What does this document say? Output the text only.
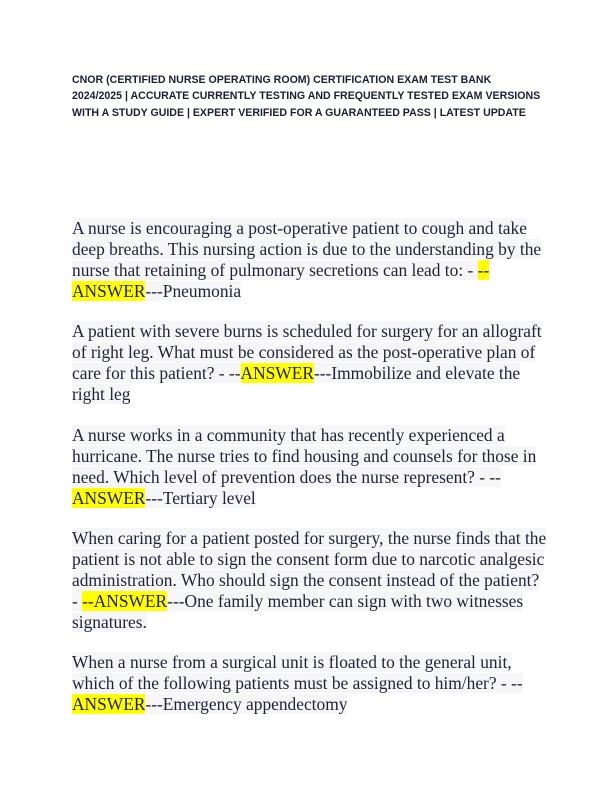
CNOR (CERTIFIED NURSE OPERATING ROOM) CERTIFICATION EXAM TEST BANK 2024/2025 | ACCURATE CURRENTLY TESTING AND FREQUENTLY TESTED EXAM VERSIONS WITH A STUDY GUIDE | EXPERT VERIFIED FOR A GUARANTEED PASS | LATEST UPDATE
A nurse is encouraging a post-operative patient to cough and take deep breaths. This nursing action is due to the understanding by the nurse that retaining of pulmonary secretions can lead to: - --ANSWER---Pneumonia
A patient with severe burns is scheduled for surgery for an allograft of right leg. What must be considered as the post-operative plan of care for this patient? - --ANSWER---Immobilize and elevate the right leg
A nurse works in a community that has recently experienced a hurricane. The nurse tries to find housing and counsels for those in need. Which level of prevention does the nurse represent? - --ANSWER---Tertiary level
When caring for a patient posted for surgery, the nurse finds that the patient is not able to sign the consent form due to narcotic analgesic administration. Who should sign the consent instead of the patient? - --ANSWER---One family member can sign with two witnesses signatures.
When a nurse from a surgical unit is floated to the general unit, which of the following patients must be assigned to him/her? - --ANSWER---Emergency appendectomy
